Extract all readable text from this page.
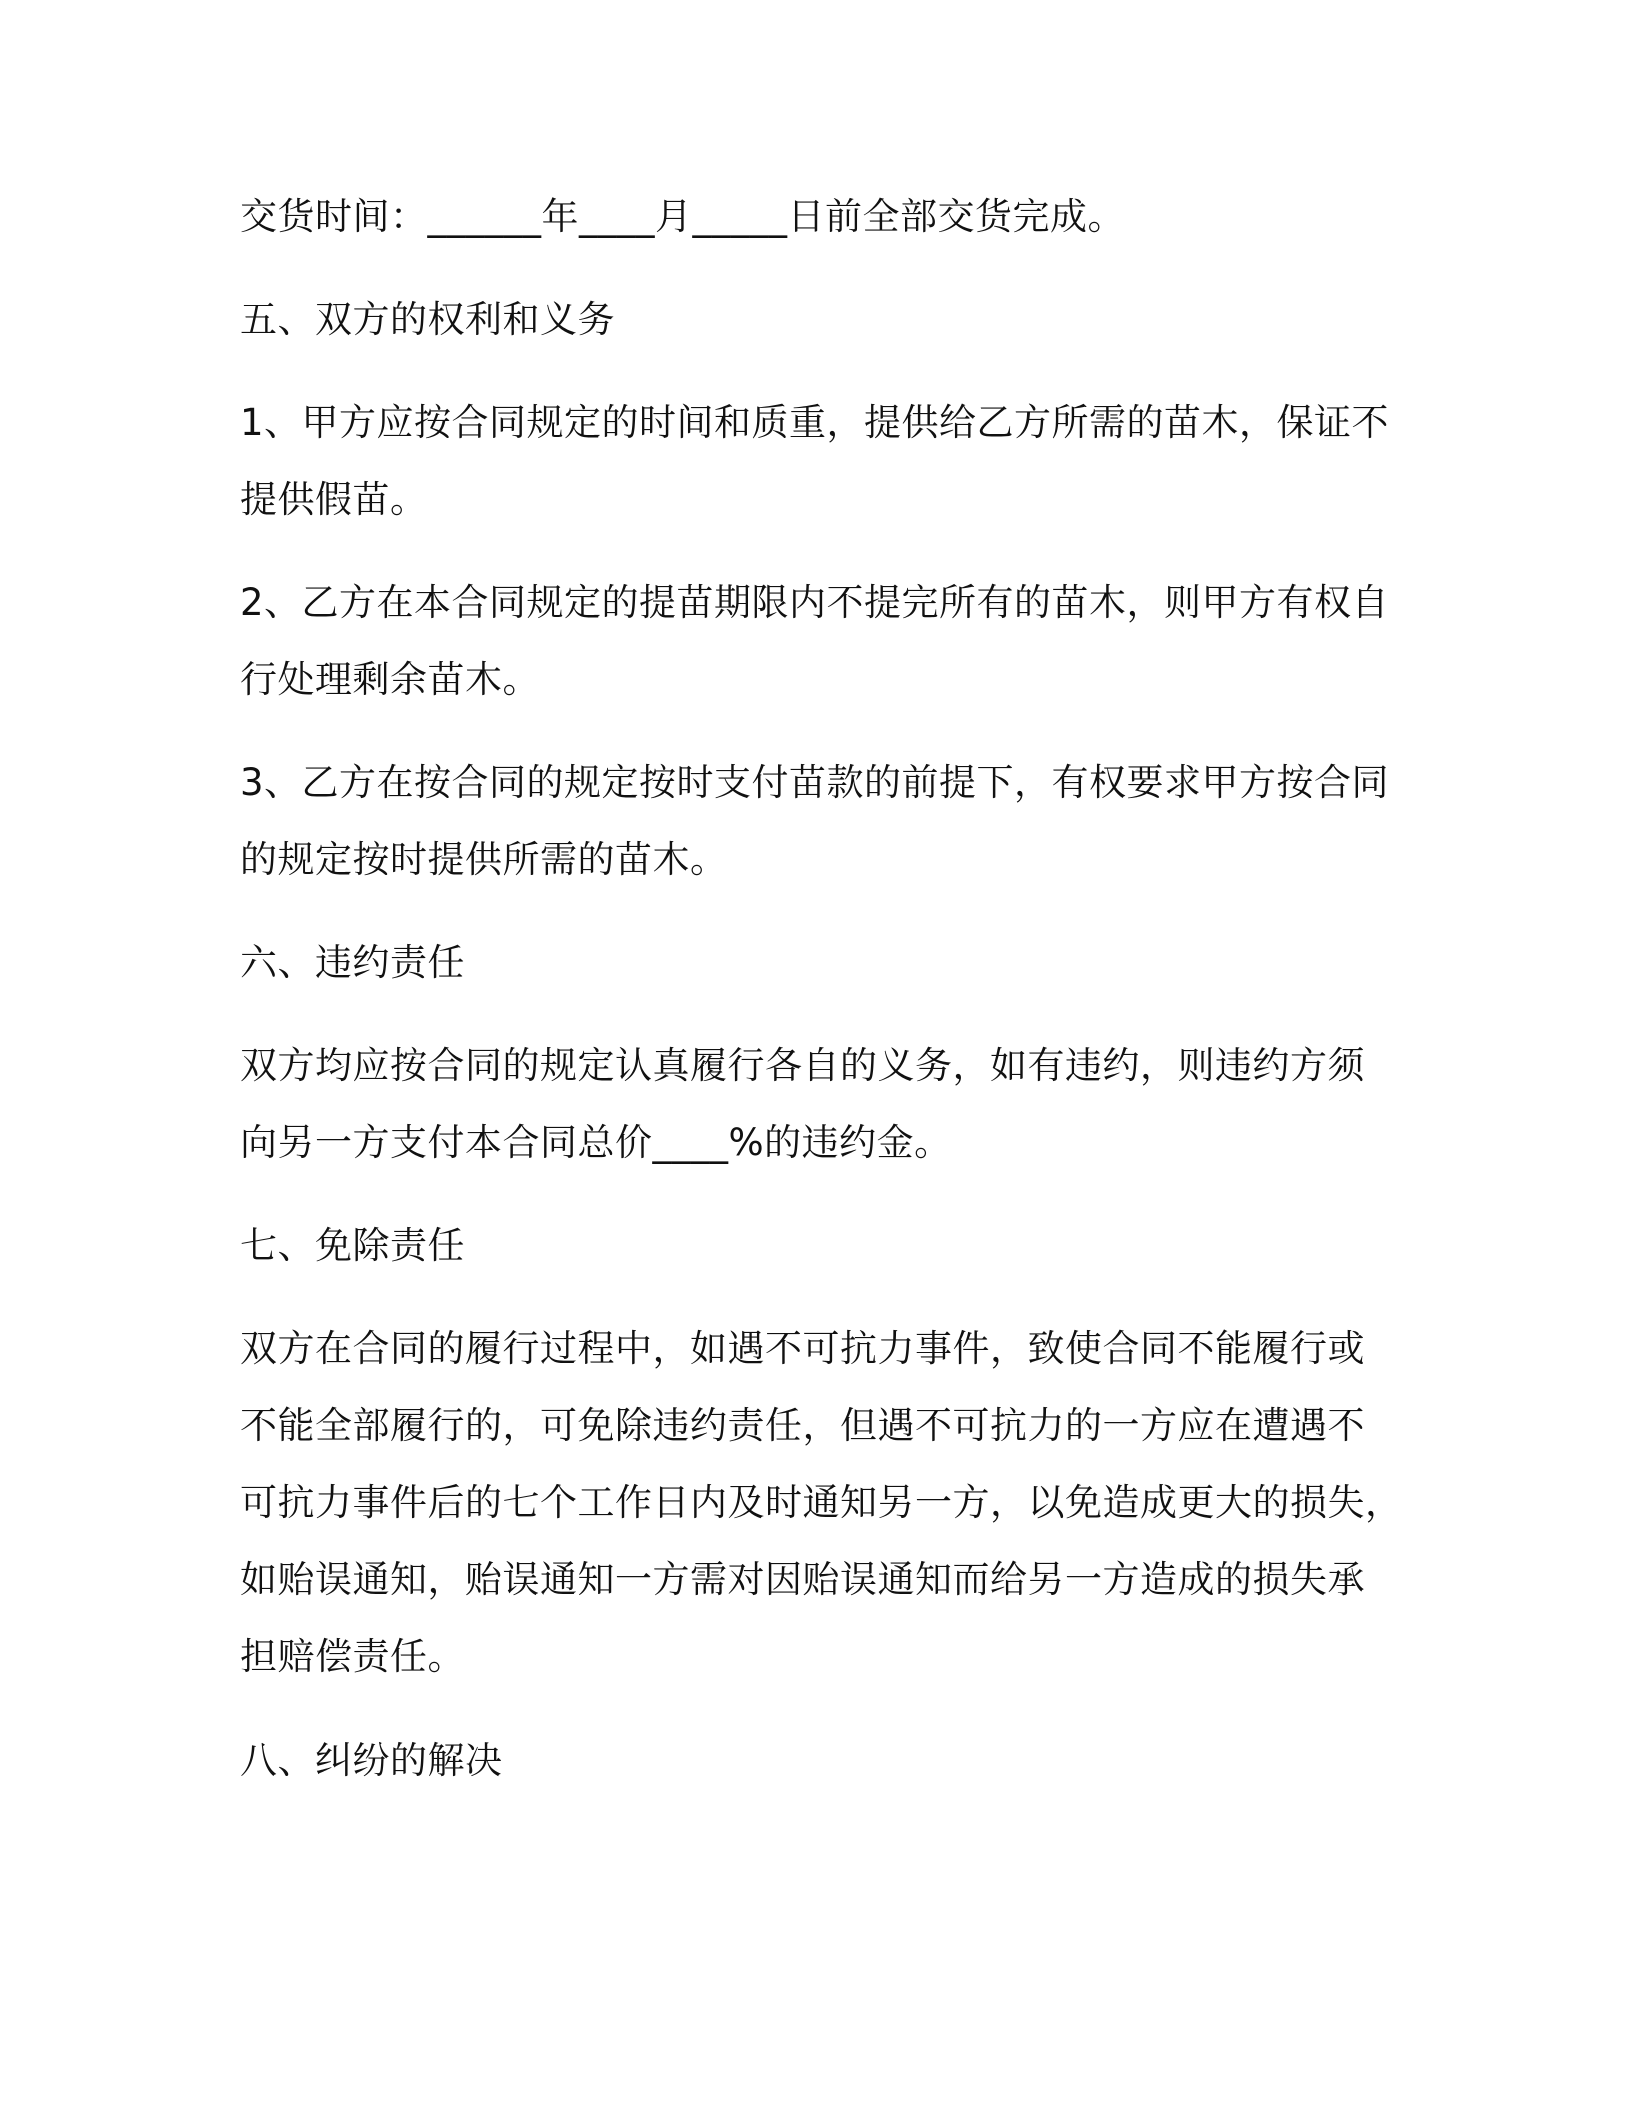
交货时间：______年____月_____日前全部交货完成。
五、双方的权利和义务
1、甲方应按合同规定的时间和质重，提供给乙方所需的苗木，保证不
提供假苗。
2、乙方在本合同规定的提苗期限内不提完所有的苗木，则甲方有权自
行处理剩余苗木。
3、乙方在按合同的规定按时支付苗款的前提下，有权要求甲方按合同
的规定按时提供所需的苗木。
六、违约责任
双方均应按合同的规定认真履行各自的义务，如有违约，则违约方须
向另一方支付本合同总价____%的违约金。
七、免除责任
双方在合同的履行过程中，如遇不可抗力事件，致使合同不能履行或
不能全部履行的，可免除违约责任，但遇不可抗力的一方应在遭遇不
可抗力事件后的七个工作日内及时通知另一方，以免造成更大的损失，
如贻误通知，贻误通知一方需对因贻误通知而给另一方造成的损失承
担赔偿责任。
八、纠纷的解决
